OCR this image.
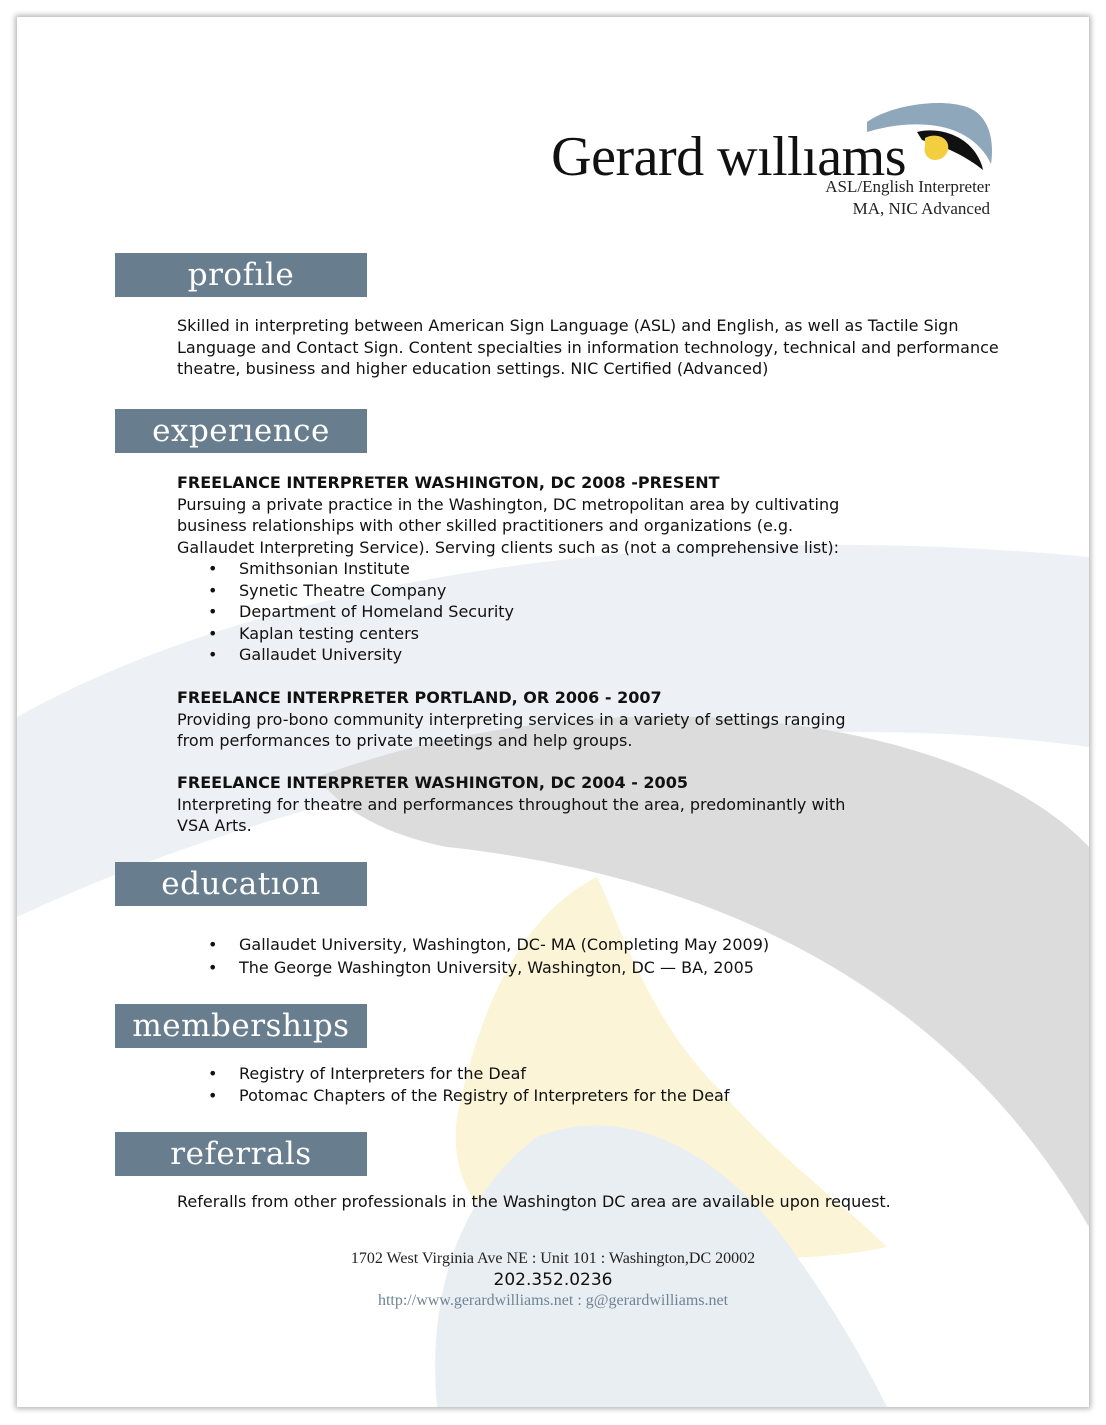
Gerard wıllıams
ASL/English Interpreter
MA, NIC Advanced
profıle
Skilled in interpreting between American Sign Language (ASL) and English, as well as Tactile Sign
Language and Contact Sign. Content specialties in information technology, technical and performance
theatre, business and higher education settings. NIC Certified (Advanced)
experıence
FREELANCE INTERPRETER WASHINGTON, DC 2008 -PRESENT
Pursuing a private practice in the Washington, DC metropolitan area by cultivating
business relationships with other skilled practitioners and organizations (e.g.
Gallaudet Interpreting Service). Serving clients such as (not a comprehensive list):
• Smithsonian Institute
• Synetic Theatre Company
• Department of Homeland Security
• Kaplan testing centers
• Gallaudet University
FREELANCE INTERPRETER PORTLAND, OR 2006 - 2007
Providing pro-bono community interpreting services in a variety of settings ranging
from performances to private meetings and help groups.
FREELANCE INTERPRETER WASHINGTON, DC 2004 - 2005
Interpreting for theatre and performances throughout the area, predominantly with
VSA Arts.
educatıon
• Gallaudet University, Washington, DC- MA (Completing May 2009)
• The George Washington University, Washington, DC — BA, 2005
membershıps
• Registry of Interpreters for the Deaf
• Potomac Chapters of the Registry of Interpreters for the Deaf
referrals
Referalls from other professionals in the Washington DC area are available upon request.
1702 West Virginia Ave NE : Unit 101 : Washington,DC 20002
202.352.0236
http://www.gerardwilliams.net : g@gerardwilliams.net
